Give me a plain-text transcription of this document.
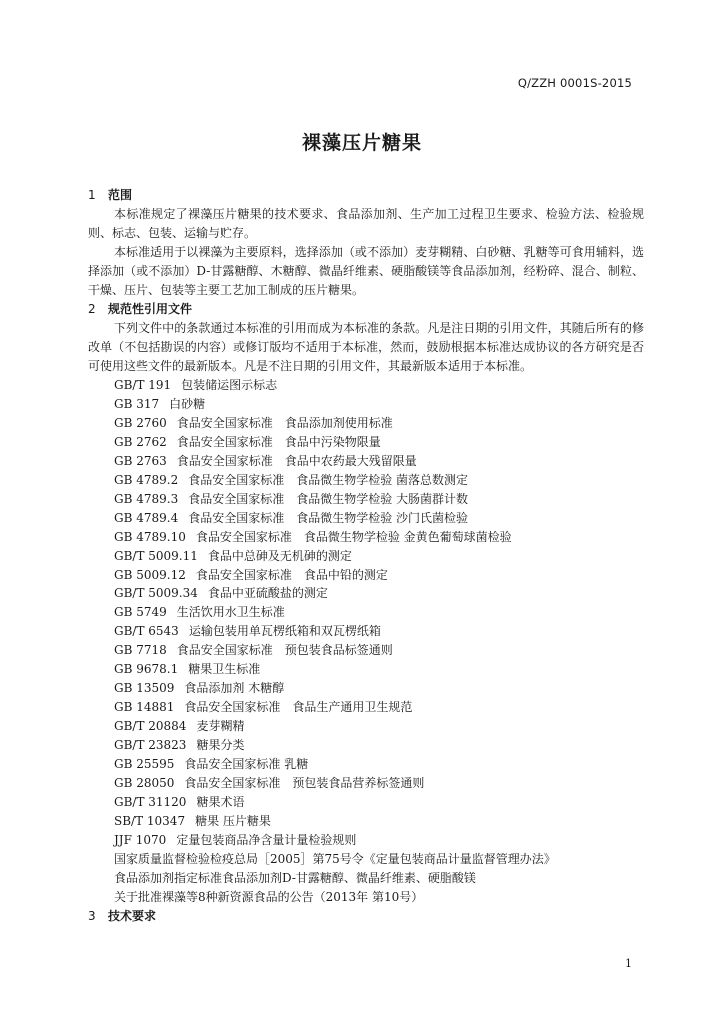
Q/ZZH 0001S-2015
裸藻压片糖果
1 范围
本标准规定了裸藻压片糖果的技术要求、食品添加剂、生产加工过程卫生要求、检验方法、检验规则、标志、包装、运输与贮存。
本标准适用于以裸藻为主要原料，选择添加（或不添加）麦芽糊精、白砂糖、乳糖等可食用辅料，选择添加（或不添加）D-甘露糖醇、木糖醇、微晶纤维素、硬脂酸镁等食品添加剂，经粉碎、混合、制粒、干燥、压片、包装等主要工艺加工制成的压片糖果。
2 规范性引用文件
下列文件中的条款通过本标准的引用而成为本标准的条款。凡是注日期的引用文件，其随后所有的修改单（不包括勘误的内容）或修订版均不适用于本标准，然而，鼓励根据本标准达成协议的各方研究是否可使用这些文件的最新版本。凡是不注日期的引用文件，其最新版本适用于本标准。
GB/T 191 包装储运图示标志
GB 317 白砂糖
GB 2760 食品安全国家标准　食品添加剂使用标准
GB 2762 食品安全国家标准　食品中污染物限量
GB 2763 食品安全国家标准　食品中农药最大残留限量
GB 4789.2 食品安全国家标准　食品微生物学检验 菌落总数测定
GB 4789.3 食品安全国家标准　食品微生物学检验 大肠菌群计数
GB 4789.4 食品安全国家标准　食品微生物学检验 沙门氏菌检验
GB 4789.10 食品安全国家标准　食品微生物学检验 金黄色葡萄球菌检验
GB/T 5009.11 食品中总砷及无机砷的测定
GB 5009.12 食品安全国家标准　食品中铅的测定
GB/T 5009.34 食品中亚硫酸盐的测定
GB 5749 生活饮用水卫生标准
GB/T 6543 运输包装用单瓦楞纸箱和双瓦楞纸箱
GB 7718 食品安全国家标准　预包装食品标签通则
GB 9678.1 糖果卫生标准
GB 13509 食品添加剂 木糖醇
GB 14881 食品安全国家标准　食品生产通用卫生规范
GB/T 20884 麦芽糊精
GB/T 23823 糖果分类
GB 25595 食品安全国家标准 乳糖
GB 28050 食品安全国家标准　预包装食品营养标签通则
GB/T 31120 糖果术语
SB/T 10347 糖果 压片糖果
JJF 1070 定量包装商品净含量计量检验规则
国家质量监督检验检疫总局［2005］第75号令《定量包装商品计量监督管理办法》
食品添加剂指定标准食品添加剂D-甘露糖醇、微晶纤维素、硬脂酸镁
关于批准裸藻等8种新资源食品的公告（2013年 第10号）
3 技术要求
1
